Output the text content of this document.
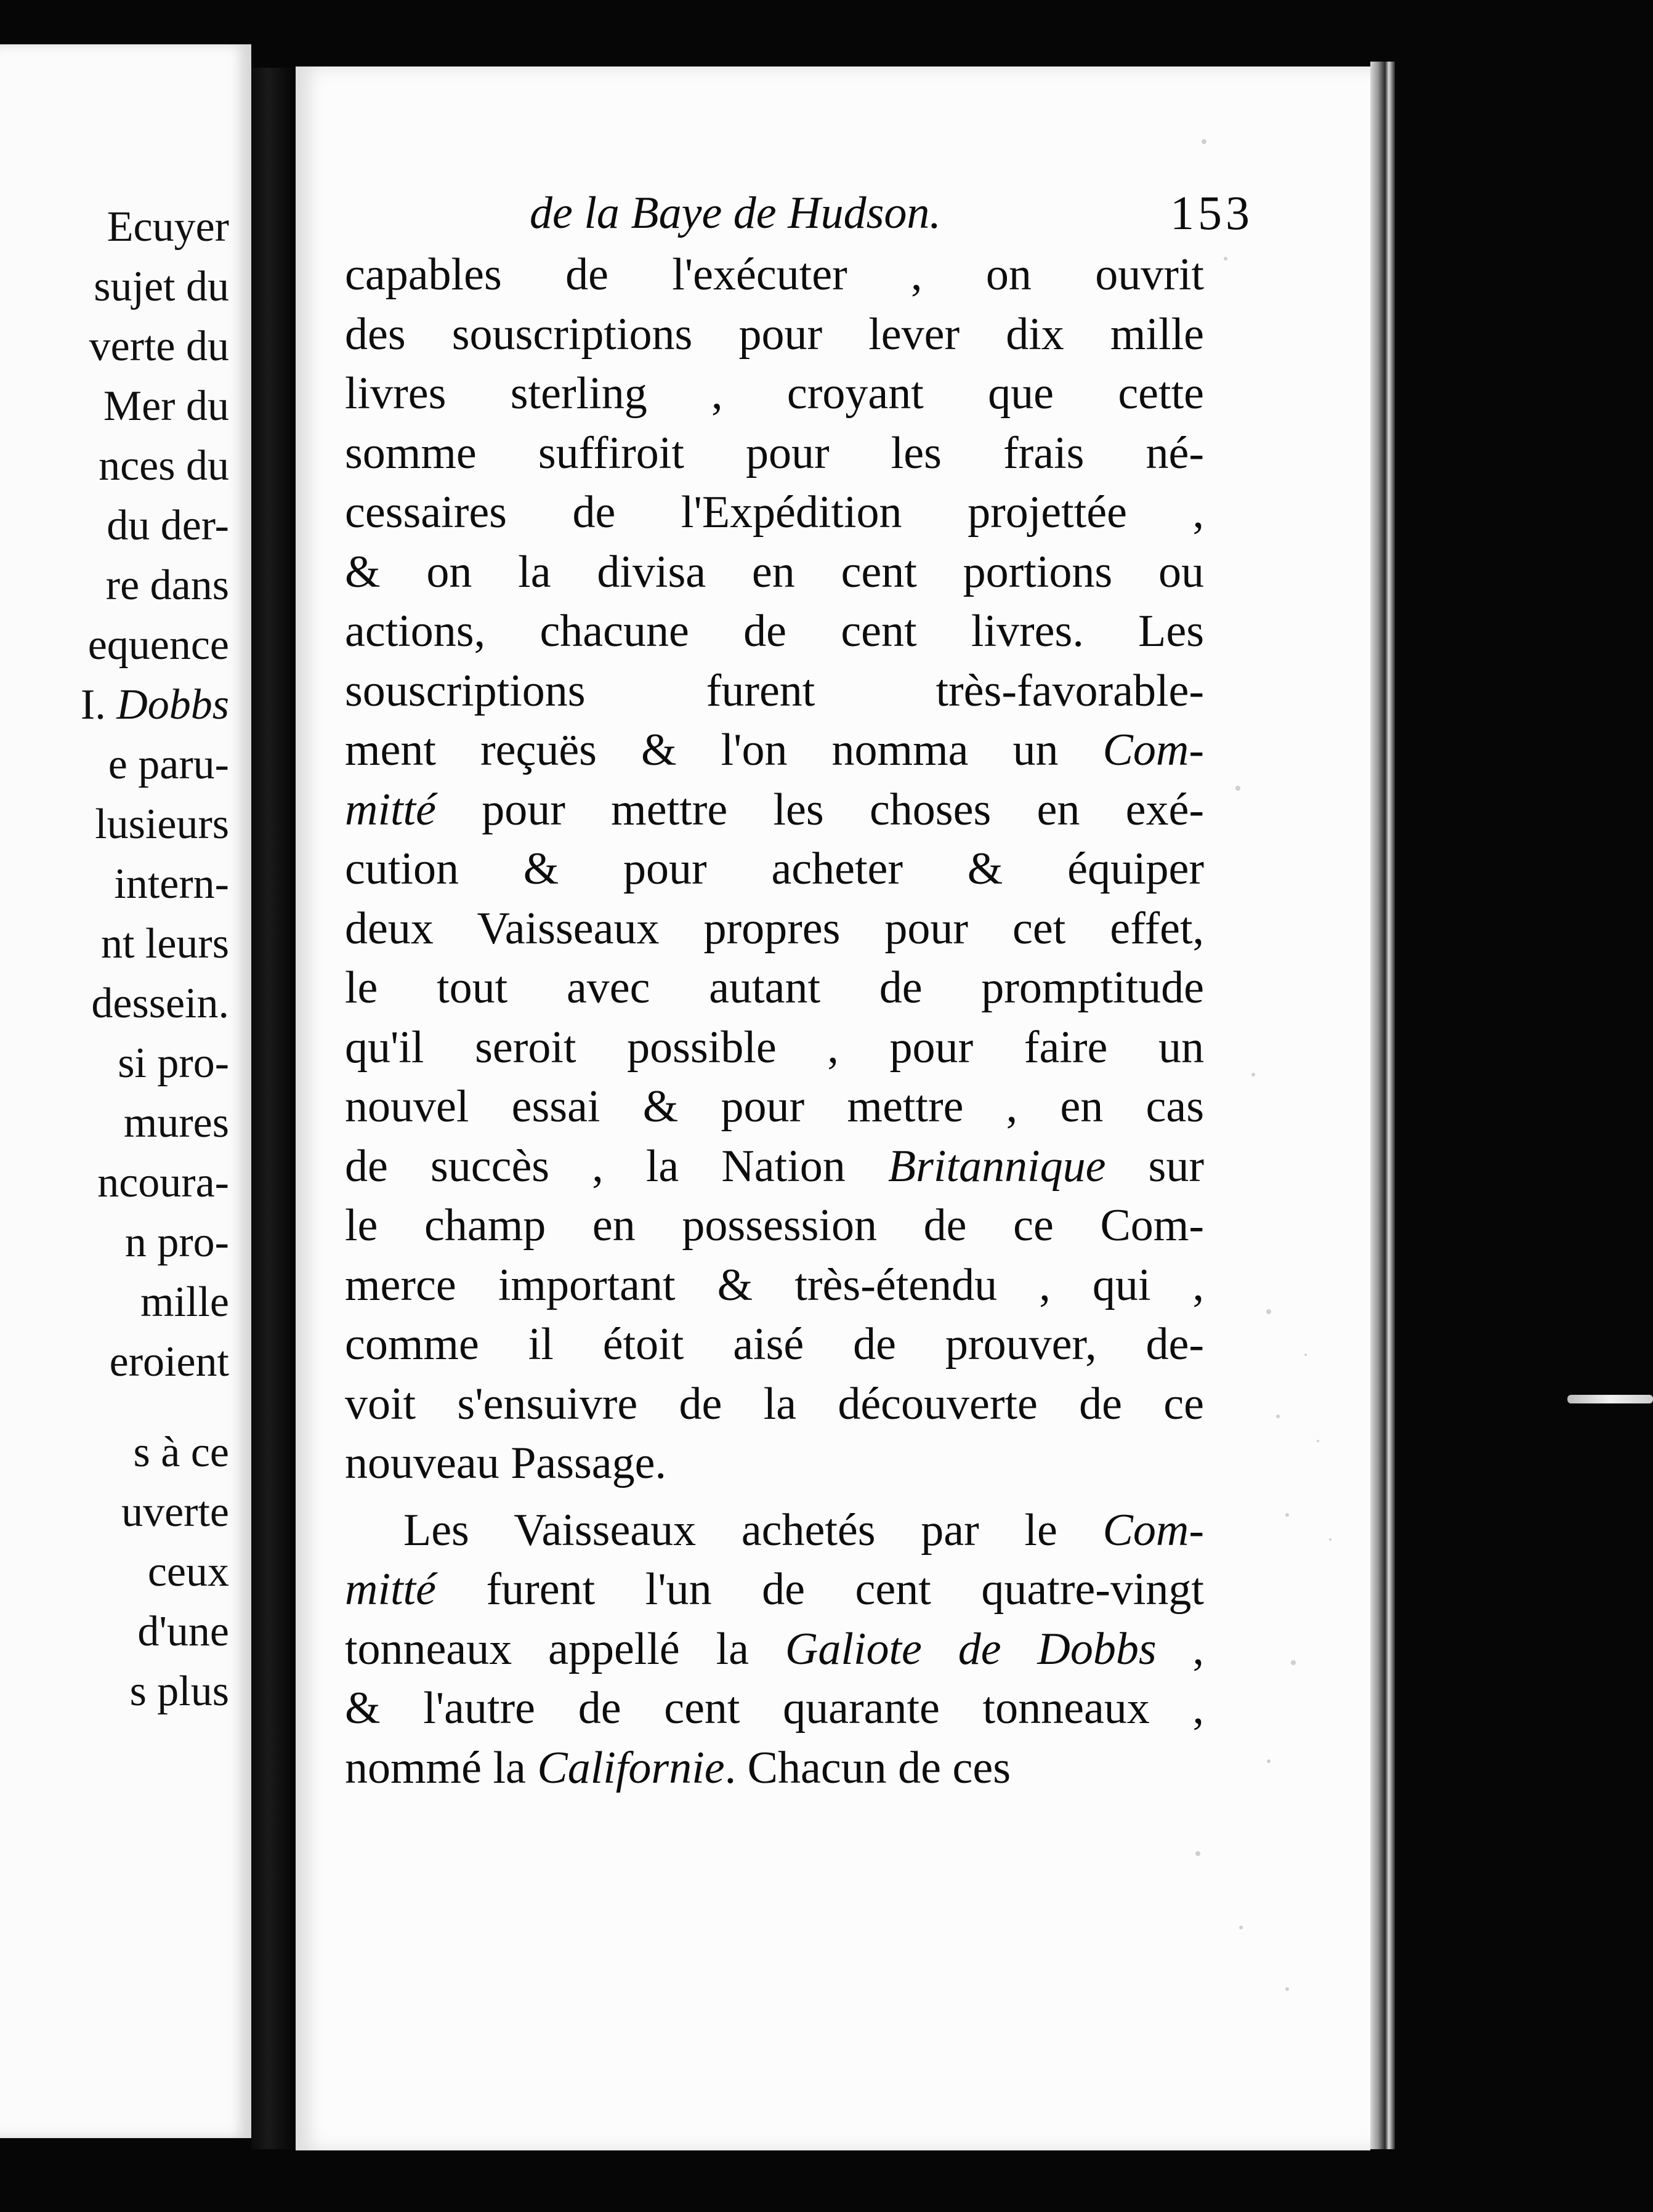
Ecuyer
sujet du
verte du
Mer du
nces du
du der-
re dans
equence
I. Dobbs
e paru-
lusieurs
intern-
nt leurs
dessein.
si pro-
mures
ncoura-
n pro-
mille
eroient
s à ce
uverte
ceux
d'une
s plus
de la Baye de Hudson.	153
capables de l'exécuter , on ouvrit
des souscriptions pour lever dix mille
livres sterling , croyant que cette
somme suffiroit pour les frais né-
cessaires de l'Expédition projettée ,
& on la divisa en cent portions ou
actions, chacune de cent livres. Les
souscriptions furent très-favorable-
ment reçuës & l'on nomma un Com-
mitté pour mettre les choses en exé-
cution & pour acheter & équiper
deux Vaisseaux propres pour cet effet,
le tout avec autant de promptitude
qu'il seroit possible , pour faire un
nouvel essai & pour mettre , en cas
de succès , la Nation Britannique sur
le champ en possession de ce Com-
merce important & très-étendu , qui ,
comme il étoit aisé de prouver, de-
voit s'ensuivre de la découverte de ce
nouveau Passage.
Les Vaisseaux achetés par le Com-
mitté furent l'un de cent quatre-vingt
tonneaux appellé la Galiote de Dobbs ,
& l'autre de cent quarante tonneaux ,
nommé la Californie. Chacun de ces
